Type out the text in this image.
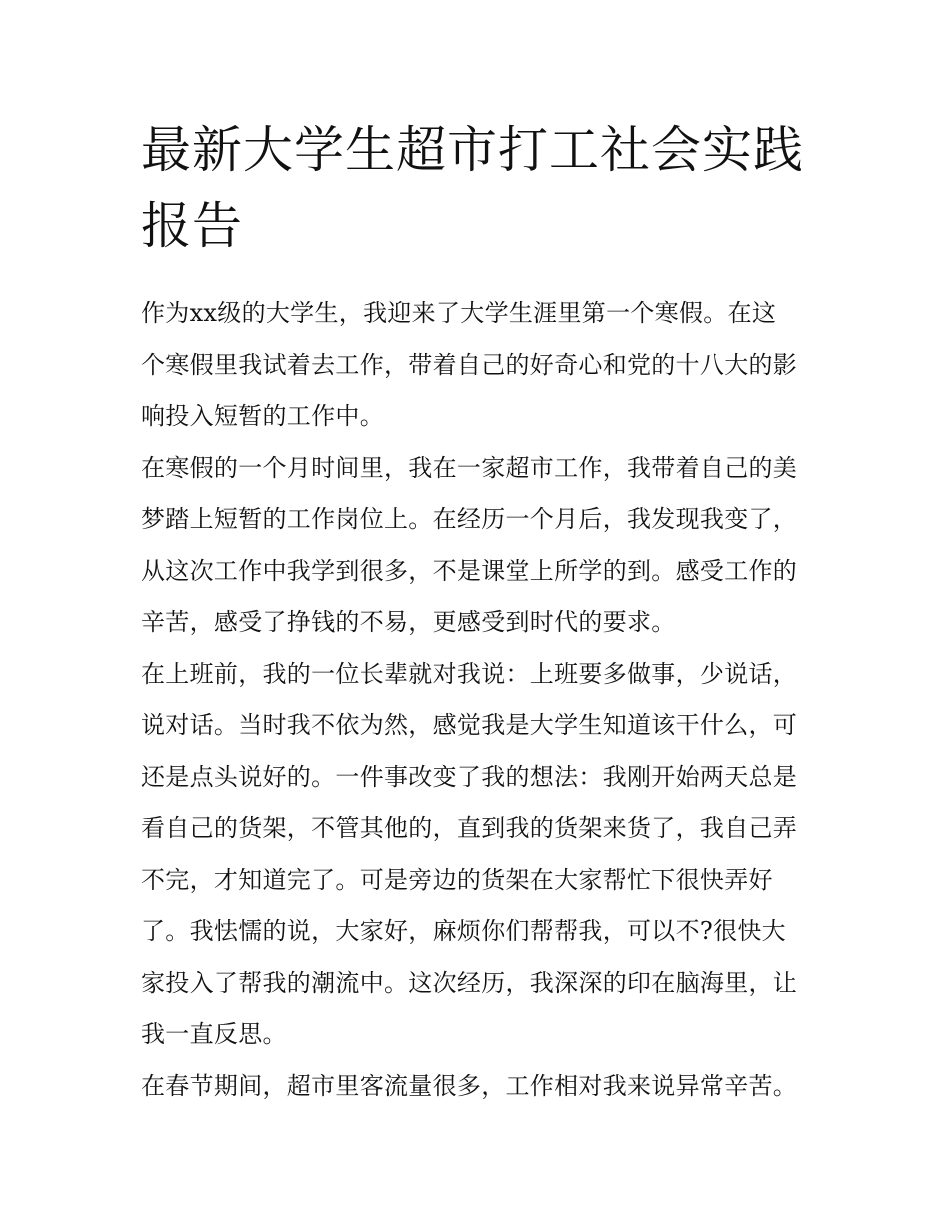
最新大学生超市打工社会实践
报告

作为xx级的大学生，我迎来了大学生涯里第一个寒假。在这
个寒假里我试着去工作，带着自己的好奇心和党的十八大的影
响投入短暂的工作中。

在寒假的一个月时间里，我在一家超市工作，我带着自己的美
梦踏上短暂的工作岗位上。在经历一个月后，我发现我变了，
从这次工作中我学到很多，不是课堂上所学的到。感受工作的
辛苦，感受了挣钱的不易，更感受到时代的要求。

在上班前，我的一位长辈就对我说：上班要多做事，少说话，
说对话。当时我不依为然，感觉我是大学生知道该干什么，可
还是点头说好的。一件事改变了我的想法：我刚开始两天总是
看自己的货架，不管其他的，直到我的货架来货了，我自己弄
不完，才知道完了。可是旁边的货架在大家帮忙下很快弄好
了。我怯懦的说，大家好，麻烦你们帮帮我，可以不?很快大
家投入了帮我的潮流中。这次经历，我深深的印在脑海里，让
我一直反思。

在春节期间，超市里客流量很多，工作相对我来说异常辛苦。
